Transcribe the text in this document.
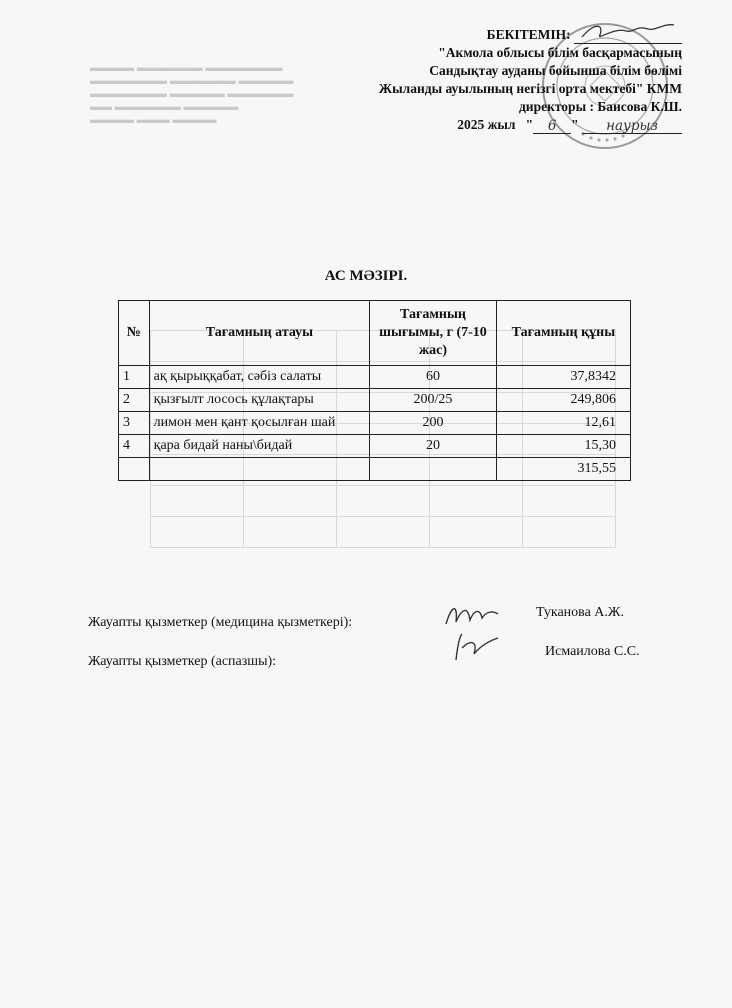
▬▬▬▬ ▬▬▬▬▬▬ ▬▬▬▬▬▬▬
▬▬▬▬▬▬▬ ▬▬▬▬▬▬ ▬▬▬▬▬
▬▬▬▬▬▬▬ ▬▬▬▬▬ ▬▬▬▬▬▬
▬▬ ▬▬▬▬▬▬ ▬▬▬▬▬
▬▬▬▬ ▬▬▬ ▬▬▬▬

БЕКІТЕМІН:
"Акмола облысы білім басқармасының
Сандықтау ауданы бойынша білім бөлімі
Жыланды ауылының негізгі орта мектебі" КММ
директоры : Баисова К.Ш.
2025 жыл   " 6 " наурыз
АС МӘЗІРІ.
№	Тағамның атауы	Тағамның шығымы, г (7-10 жас)	Тағамның құны
1	ақ қырыққабат, сәбіз салаты	60	37,8342
2	қызғылт лосось құлақтары	200/25	249,806
3	лимон мен қант қосылған шай	200	12,61
4	қара бидай наны\бидай	20	15,30
			315,55
Жауапты қызметкер (медицина қызметкері):
Туканова А.Ж.
Жауапты қызметкер (аспазшы):
Исмаилова С.С.
